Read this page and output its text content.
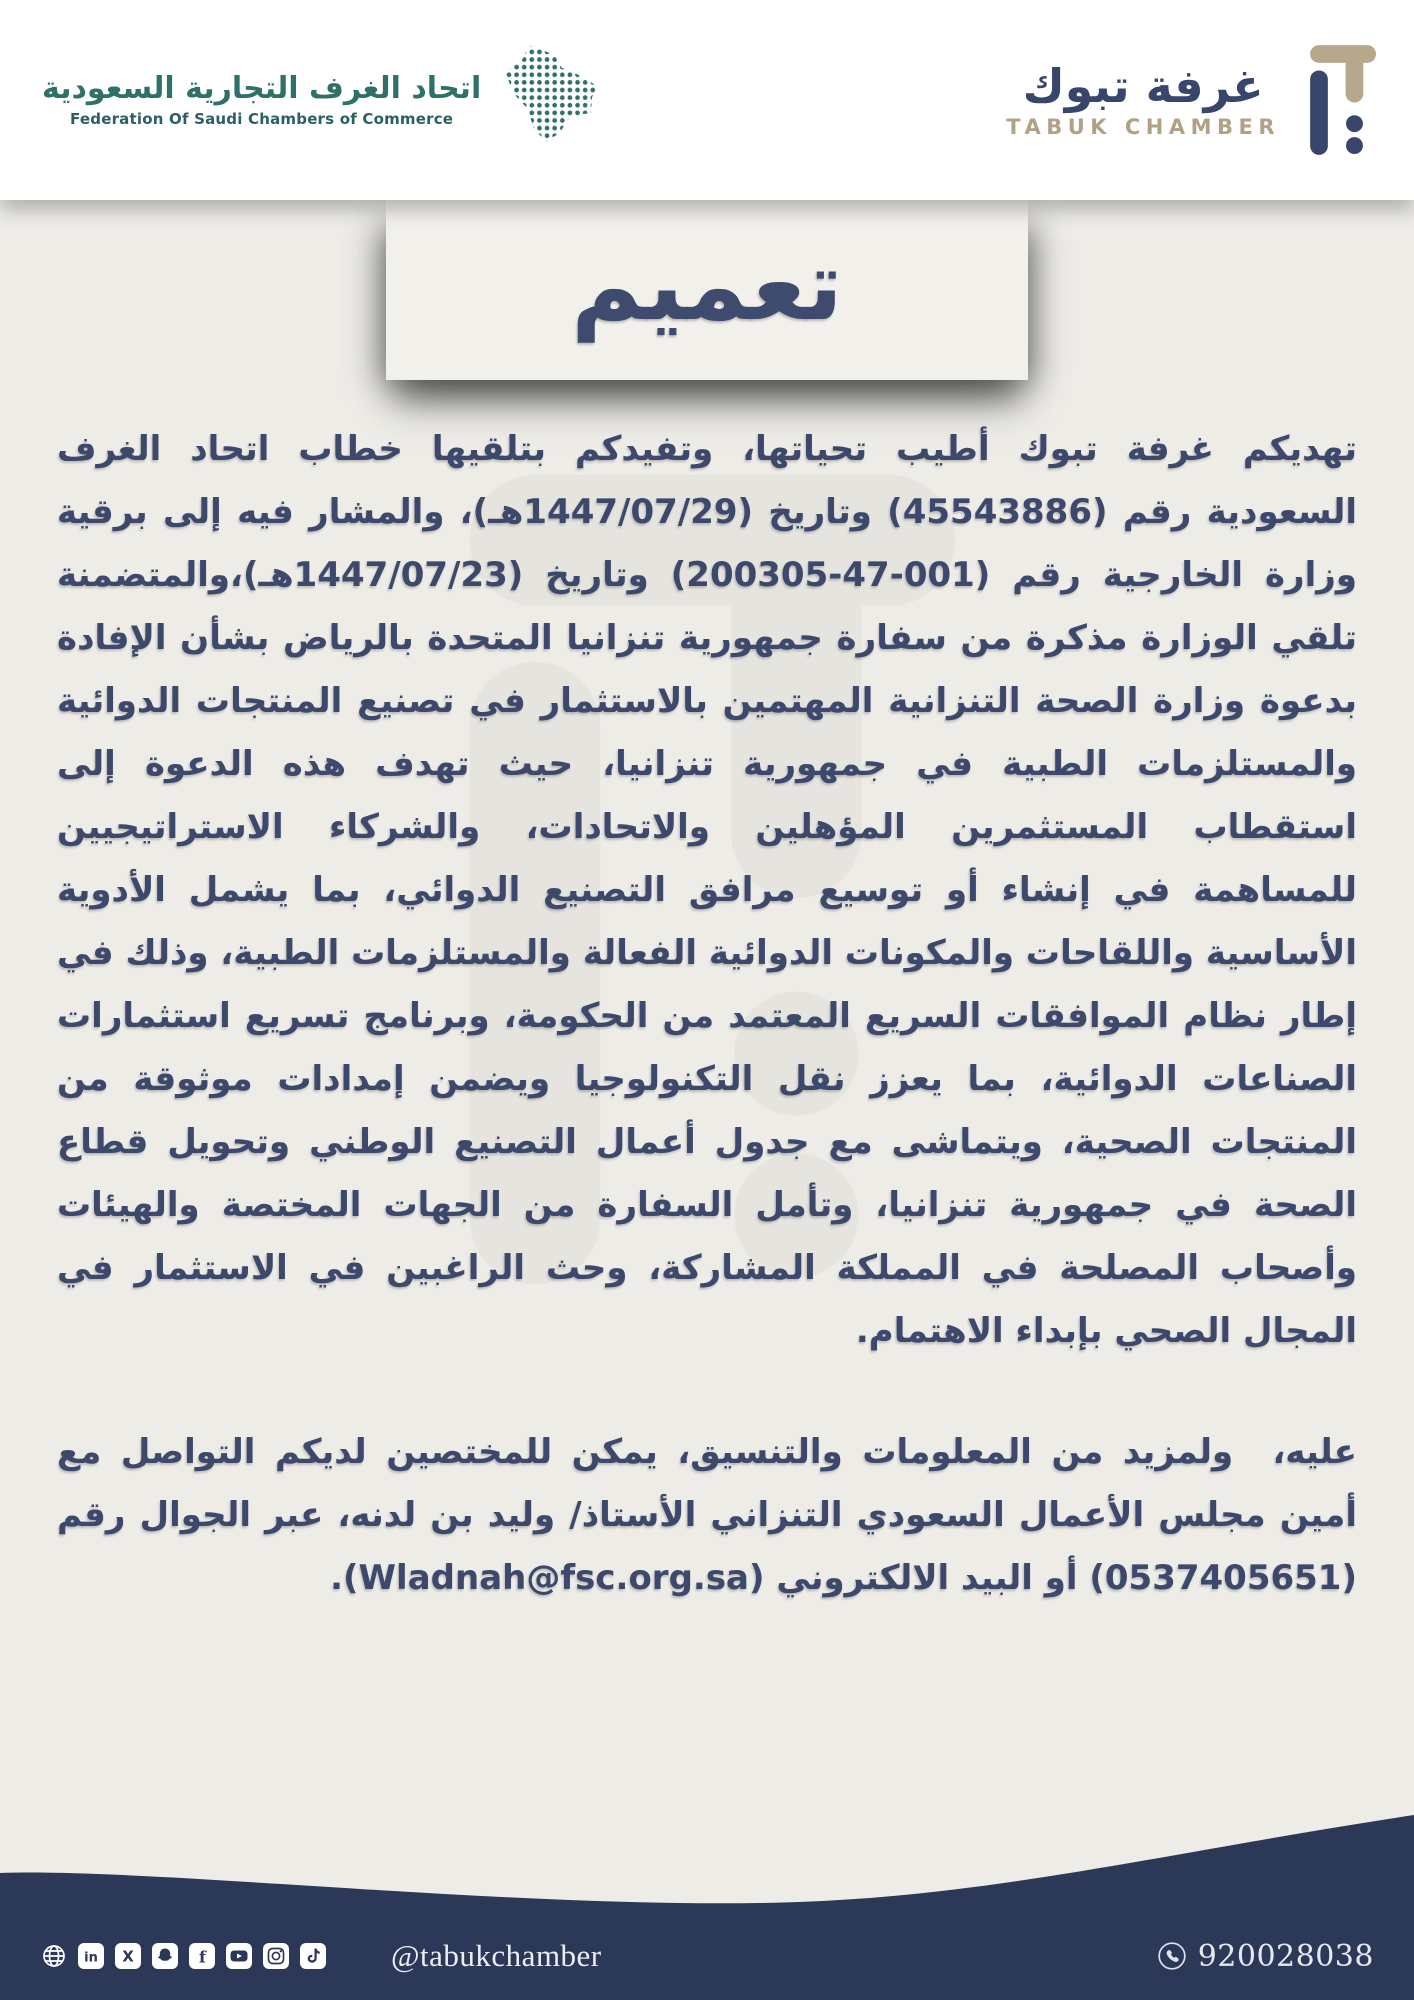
اتحاد الغرف التجارية السعودية
Federation Of Saudi Chambers of Commerce
غرفة تبوك
TABUK CHAMBER
تعميم

تهديكم غرفة تبوك أطيب تحياتها، وتفيدكم بتلقيها خطاب اتحاد الغرف السعودية رقم (45543886) وتاريخ (1447/07/29هـ)، والمشار فيه إلى برقية وزارة الخارجية رقم (001-47-200305) وتاريخ (1447/07/23هـ)،والمتضمنة تلقي الوزارة مذكرة من سفارة جمهورية تنزانيا المتحدة بالرياض بشأن الإفادة بدعوة وزارة الصحة التنزانية المهتمين بالاستثمار في تصنيع المنتجات الدوائية والمستلزمات الطبية في جمهورية تنزانيا، حيث تهدف هذه الدعوة إلى استقطاب المستثمرين المؤهلين والاتحادات، والشركاء الاستراتيجيين للمساهمة في إنشاء أو توسيع مرافق التصنيع الدوائي، بما يشمل الأدوية الأساسية واللقاحات والمكونات الدوائية الفعالة والمستلزمات الطبية، وذلك في إطار نظام الموافقات السريع المعتمد من الحكومة، وبرنامج تسريع استثمارات الصناعات الدوائية، بما يعزز نقل التكنولوجيا ويضمن إمدادات موثوقة من المنتجات الصحية، ويتماشى مع جدول أعمال التصنيع الوطني وتحويل قطاع الصحة في جمهورية تنزانيا، وتأمل السفارة من الجهات المختصة والهيئات وأصحاب المصلحة في المملكة المشاركة، وحث الراغبين في الاستثمار في المجال الصحي بإبداء الاهتمام.

عليه،  ولمزيد من المعلومات والتنسيق، يمكن للمختصين لديكم التواصل مع أمين مجلس الأعمال السعودي التنزاني الأستاذ/ وليد بن لدنه، عبر الجوال رقم (0537405651) أو البيد الالكتروني (Wladnah@fsc.org.sa).

in X	f	@tabukchamber	920028038
